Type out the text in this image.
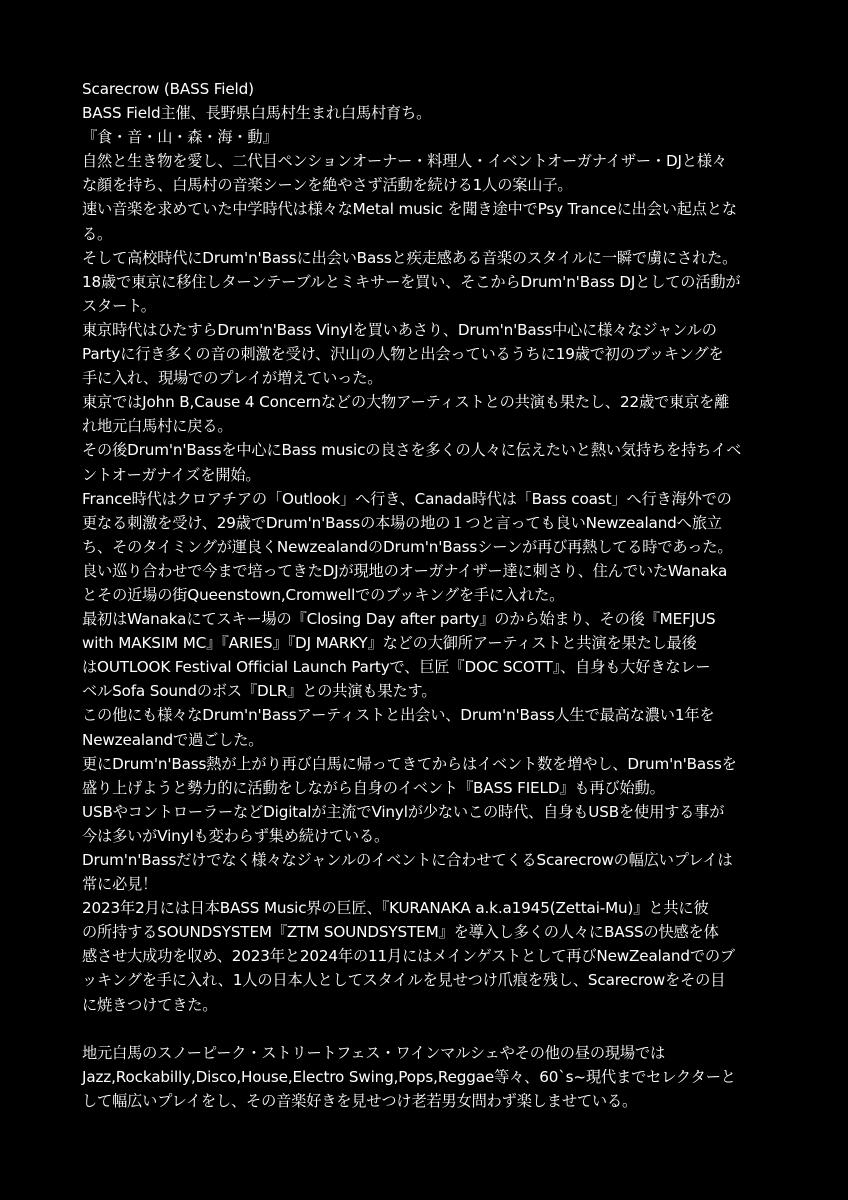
Scarecrow (BASS Field)

BASS Field主催、長野県白馬村生まれ白馬村育ち。

『食・音・山・森・海・動』

自然と生き物を愛し、二代目ペンションオーナー・料理人・イベントオーガナイザー・DJと様々
な顔を持ち、白馬村の音楽シーンを絶やさず活動を続ける1人の案山子。

速い音楽を求めていた中学時代は様々なMetal music を聞き途中でPsy Tranceに出会い起点とな
る。

そして高校時代にDrum'n'Bassに出会いBassと疾走感ある音楽のスタイルに一瞬で虜にされた。

18歳で東京に移住しターンテーブルとミキサーを買い、そこからDrum'n'Bass DJとしての活動が
スタート。

東京時代はひたすらDrum'n'Bass Vinylを買いあさり、Drum'n'Bass中心に様々なジャンルの
Partyに行き多くの音の刺激を受け、沢山の人物と出会っているうちに19歳で初のブッキングを
手に入れ、現場でのプレイが増えていった。

東京ではJohn B,Cause 4 Concernなどの大物アーティストとの共演も果たし、22歳で東京を離
れ地元白馬村に戻る。

その後Drum'n'Bassを中心にBass musicの良さを多くの人々に伝えたいと熱い気持ちを持ちイベ
ントオーガナイズを開始。

France時代はクロアチアの「Outlook」へ行き、Canada時代は「Bass coast」へ行き海外での
更なる刺激を受け、29歳でDrum'n'Bassの本場の地の１つと言っても良いNewzealandへ旅立
ち、そのタイミングが運良くNewzealandのDrum'n'Bassシーンが再び再熱してる時であった。

良い巡り合わせで今まで培ってきたDJが現地のオーガナイザー達に刺さり、住んでいたWanaka
とその近場の街Queenstown,Cromwellでのブッキングを手に入れた。

最初はWanakaにてスキー場の『Closing Day after party』のから始まり、その後『MEFJUS
with MAKSIM MC』『ARIES』『DJ MARKY』などの大御所アーティストと共演を果たし最後
はOUTLOOK Festival Official Launch Partyで、巨匠『DOC SCOTT』、自身も大好きなレー
ベルSofa Soundのボス『DLR』との共演も果たす。

この他にも様々なDrum'n'Bassアーティストと出会い、Drum'n'Bass人生で最高な濃い1年を
Newzealandで過ごした。

更にDrum'n'Bass熱が上がり再び白馬に帰ってきてからはイベント数を増やし、Drum'n'Bassを
盛り上げようと勢力的に活動をしながら自身のイベント『BASS FIELD』も再び始動。

USBやコントローラーなどDigitalが主流でVinylが少ないこの時代、自身もUSBを使用する事が
今は多いがVinylも変わらず集め続けている。

Drum'n'Bassだけでなく様々なジャンルのイベントに合わせてくるScarecrowの幅広いプレイは
常に必見！

2023年2月には日本BASS Music界の巨匠、『KURANAKA a.k.a1945(Zettai-Mu)』と共に彼
の所持するSOUNDSYSTEM『ZTM SOUNDSYSTEM』を導入し多くの人々にBASSの快感を体
感させ大成功を収め、2023年と2024年の11月にはメインゲストとして再びNewZealandでのブ
ッキングを手に入れ、1人の日本人としてスタイルを見せつけ爪痕を残し、Scarecrowをその目
に焼きつけてきた。

地元白馬のスノーピーク・ストリートフェス・ワインマルシェやその他の昼の現場では
Jazz,Rockabilly,Disco,House,Electro Swing,Pops,Reggae等々、60`s~現代までセレクターと
して幅広いプレイをし、その音楽好きを見せつけ老若男女問わず楽しませている。
